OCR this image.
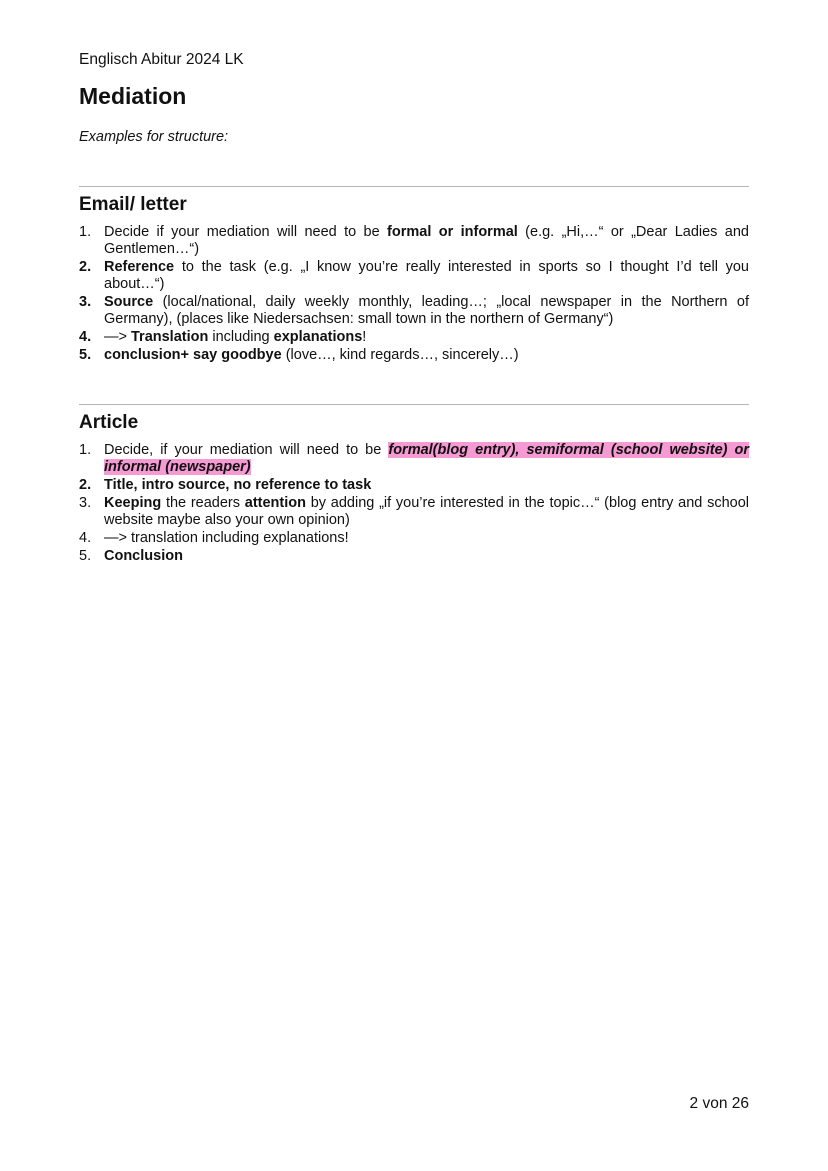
Englisch Abitur 2024 LK
Mediation
Examples for structure:
Email/ letter
1. Decide if your mediation will need to be formal or informal (e.g. „Hi,…“ or „Dear Ladies and Gentlemen…“)
2. Reference to the task (e.g. „I know you’re really interested in sports so I thought I’d tell you about…“)
3. Source (local/national, daily weekly monthly, leading…; „local newspaper in the Northern of Germany), (places like Niedersachsen: small town in the northern of Germany“)
4. —> Translation including explanations!
5. conclusion+ say goodbye (love…, kind regards…, sincerely…)
Article
1. Decide, if your mediation will need to be formal(blog entry), semiformal (school website) or informal (newspaper)
2. Title, intro source, no reference to task
3. Keeping the readers attention by adding „if you’re interested in the topic…“ (blog entry and school website maybe also your own opinion)
4. —> translation including explanations!
5. Conclusion
2 von 26
